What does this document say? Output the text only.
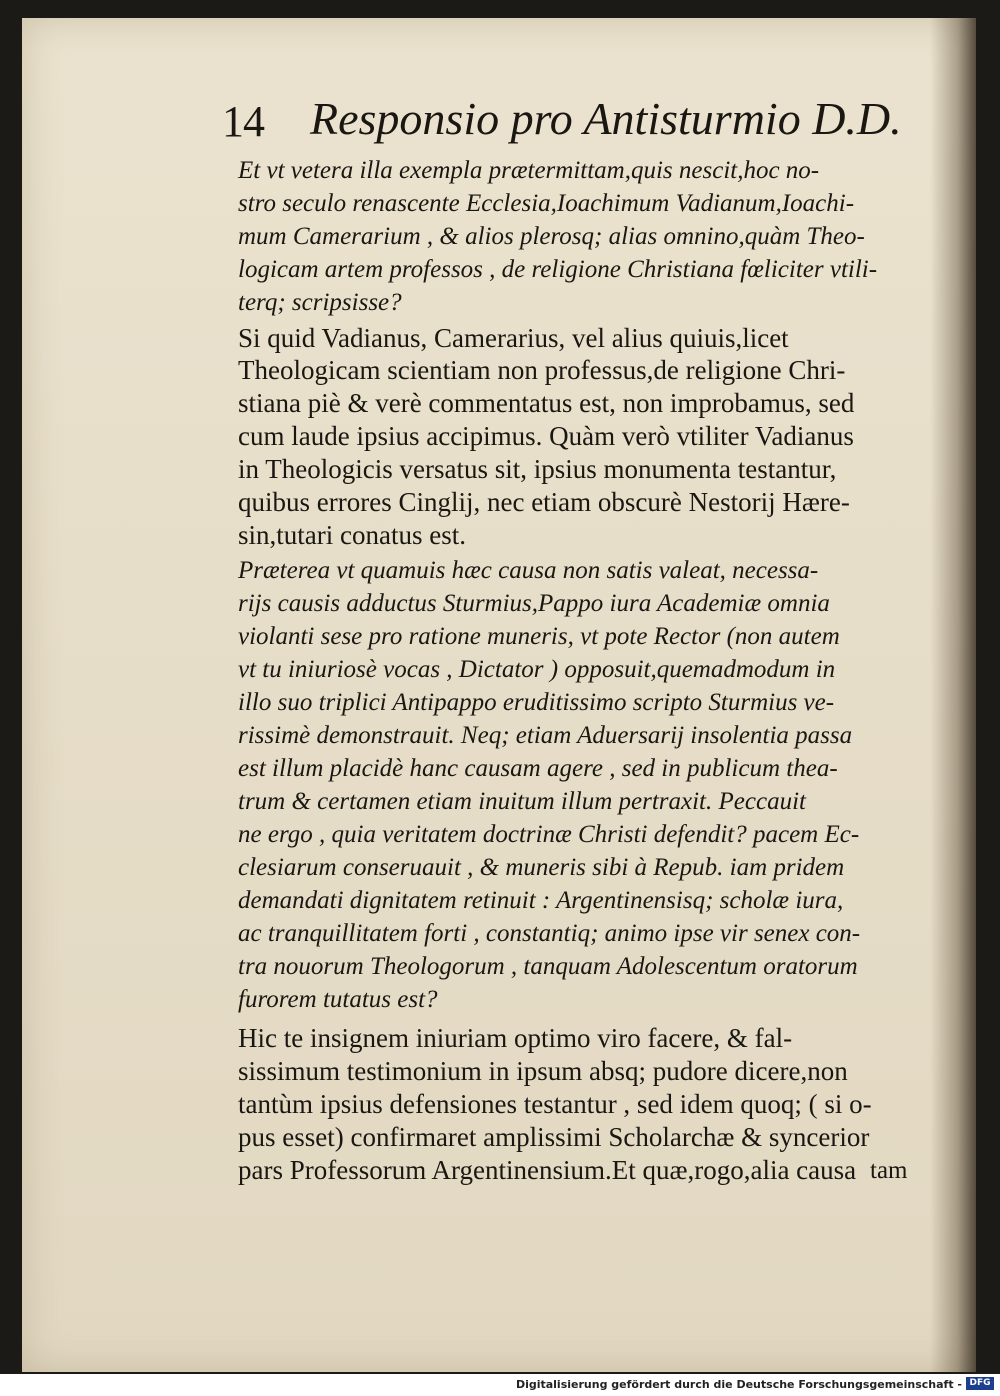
14 Responsio pro Antisturmio D.D.
Et vt vetera illa exempla prætermittam,quis nescit,hoc no-
stro seculo renascente Ecclesia,Ioachimum Vadianum,Ioachi-
mum Camerarium , & alios plerosq; alias omnino,quàm Theo-
logicam artem professos , de religione Christiana fœliciter vtili-
terq; scripsisse?
Si quid Vadianus, Camerarius, vel alius quiuis,licet
Theologicam scientiam non professus,de religione Chri-
stiana piè & verè commentatus est, non improbamus, sed
cum laude ipsius accipimus. Quàm verò vtiliter Vadianus
in Theologicis versatus sit, ipsius monumenta testantur,
quibus errores Cinglij, nec etiam obscurè Nestorij Hære-
sin,tutari conatus est.
Præterea vt quamuis hæc causa non satis valeat, necessa-
rijs causis adductus Sturmius,Pappo iura Academiæ omnia
violanti sese pro ratione muneris, vt pote Rector (non autem
vt tu iniuriosè vocas , Dictator ) opposuit,quemadmodum in
illo suo triplici Antipappo eruditissimo scripto Sturmius ve-
rissimè demonstrauit. Neq; etiam Aduersarij insolentia passa
est illum placidè hanc causam agere , sed in publicum thea-
trum & certamen etiam inuitum illum pertraxit. Peccauit
ne ergo , quia veritatem doctrinæ Christi defendit? pacem Ec-
clesiarum conseruauit , & muneris sibi à Repub. iam pridem
demandati dignitatem retinuit : Argentinensisq; scholæ iura,
ac tranquillitatem forti , constantiq; animo ipse vir senex con-
tra nouorum Theologorum , tanquam Adolescentum oratorum
furorem tutatus est?
Hic te insignem iniuriam optimo viro facere, & fal-
sissimum testimonium in ipsum absq; pudore dicere,non
tantùm ipsius defensiones testantur , sed idem quoq; ( si o-
pus esset) confirmaret amplissimi Scholarchæ & syncerior
pars Professorum Argentinensium.Et quæ,rogo,alia causa tam
Digitalisierung gefördert durch die Deutsche Forschungsgemeinschaft - DFG
